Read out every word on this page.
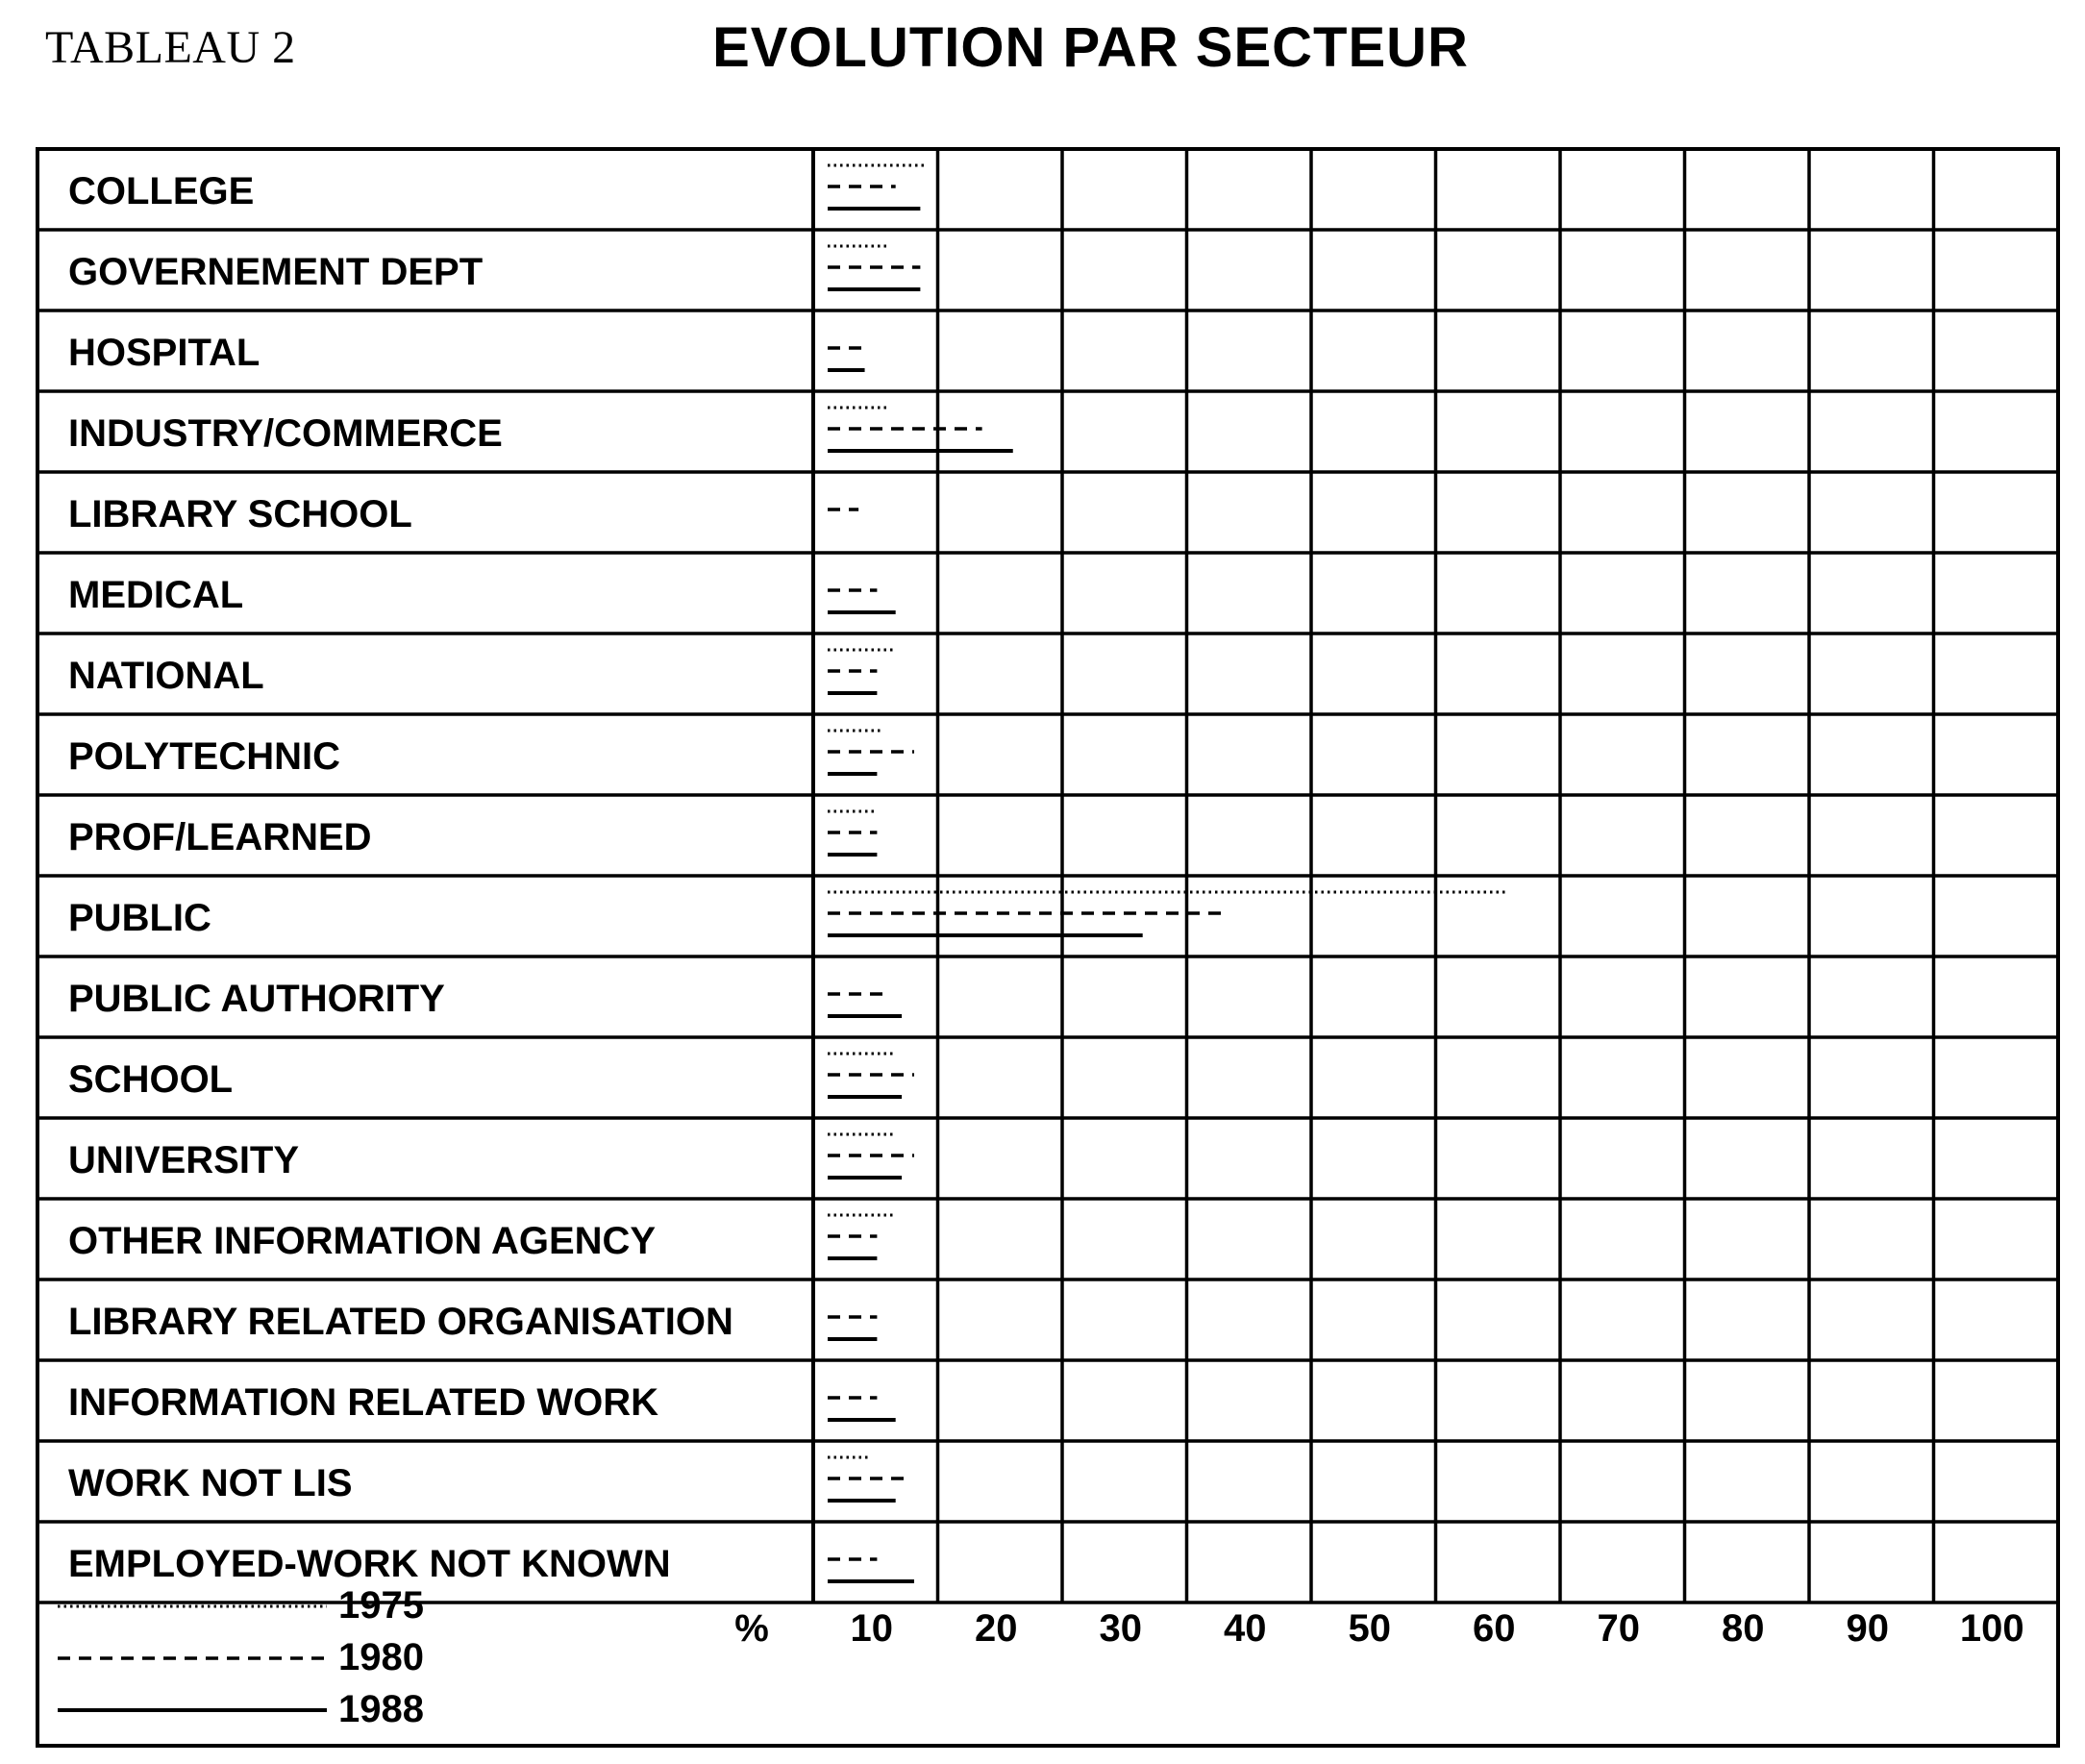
TABLEAU 2	EVOLUTION PAR SECTEUR
COLLEGE
GOVERNEMENT DEPT
HOSPITAL
INDUSTRY/COMMERCE
LIBRARY SCHOOL
MEDICAL
NATIONAL
POLYTECHNIC
PROF/LEARNED
PUBLIC
PUBLIC AUTHORITY
SCHOOL
UNIVERSITY
OTHER INFORMATION AGENCY
LIBRARY RELATED ORGANISATION
INFORMATION RELATED WORK
WORK NOT LIS
EMPLOYED-WORK NOT KNOWN
% 10 20 30 40 50 60 70 80 90 100
1975
1980
1988
